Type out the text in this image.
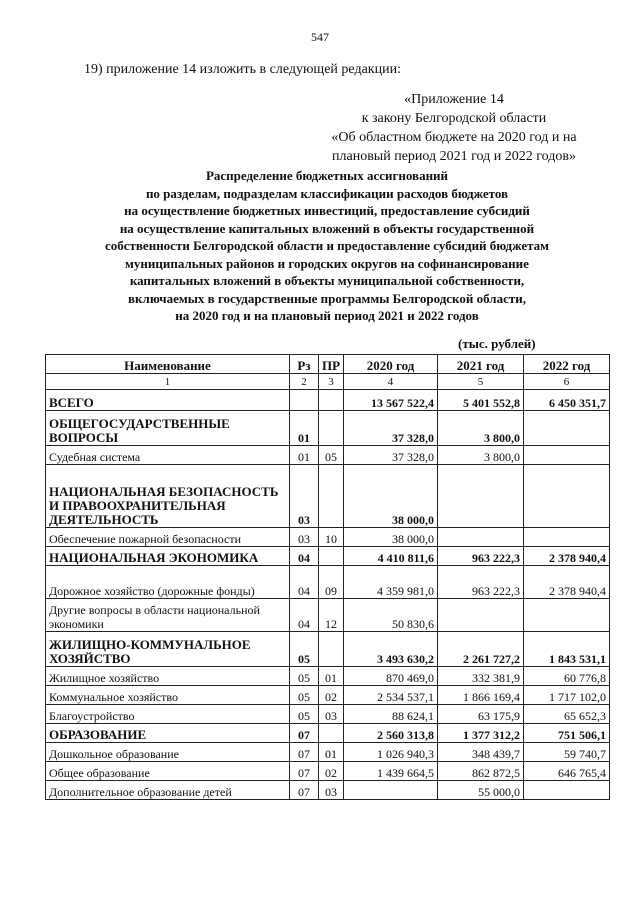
547
19) приложение 14 изложить в следующей редакции:
«Приложение 14
к закону Белгородской области
«Об областном бюджете на 2020 год и на
плановый период 2021 год и 2022 годов»
Распределение бюджетных ассигнований
по разделам, подразделам классификации расходов бюджетов
на осуществление бюджетных инвестиций, предоставление субсидий
на осуществление капитальных вложений в объекты государственной
собственности Белгородской области и предоставление субсидий бюджетам
муниципальных районов и городских округов на софинансирование
капитальных вложений в объекты муниципальной собственности,
включаемых в государственные программы Белгородской области,
на 2020 год и на плановый период 2021 и 2022 годов
(тыс. рублей)
Наименование	Рз	ПР	2020 год	2021 год	2022 год
1	2	3	4	5	6
ВСЕГО			13 567 522,4	5 401 552,8	6 450 351,7
ОБЩЕГОСУДАРСТВЕННЫЕ ВОПРОСЫ	01		37 328,0	3 800,0	
Судебная система	01	05	37 328,0	3 800,0	
НАЦИОНАЛЬНАЯ БЕЗОПАСНОСТЬ И ПРАВООХРАНИТЕЛЬНАЯ ДЕЯТЕЛЬНОСТЬ	03		38 000,0		
Обеспечение пожарной безопасности	03	10	38 000,0		
НАЦИОНАЛЬНАЯ ЭКОНОМИКА	04		4 410 811,6	963 222,3	2 378 940,4
Дорожное хозяйство (дорожные фонды)	04	09	4 359 981,0	963 222,3	2 378 940,4
Другие вопросы в области национальной экономики	04	12	50 830,6		
ЖИЛИЩНО-КОММУНАЛЬНОЕ ХОЗЯЙСТВО	05		3 493 630,2	2 261 727,2	1 843 531,1
Жилищное хозяйство	05	01	870 469,0	332 381,9	60 776,8
Коммунальное хозяйство	05	02	2 534 537,1	1 866 169,4	1 717 102,0
Благоустройство	05	03	88 624,1	63 175,9	65 652,3
ОБРАЗОВАНИЕ	07		2 560 313,8	1 377 312,2	751 506,1
Дошкольное образование	07	01	1 026 940,3	348 439,7	59 740,7
Общее образование	07	02	1 439 664,5	862 872,5	646 765,4
Дополнительное образование детей	07	03		55 000,0	
